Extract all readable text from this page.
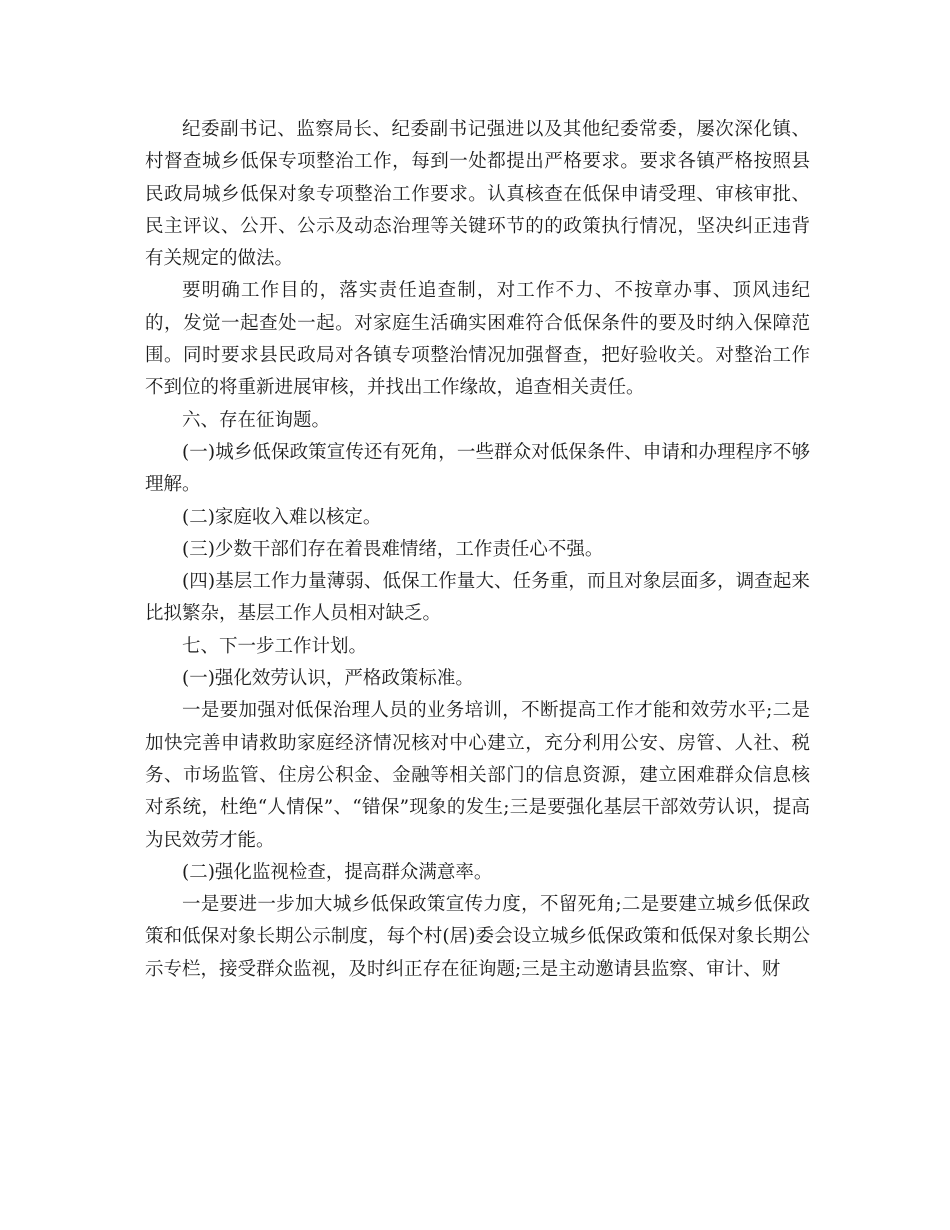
纪委副书记、监察局长、纪委副书记强进以及其他纪委常委，屡次深化镇、村督查城乡低保专项整治工作，每到一处都提出严格要求。要求各镇严格按照县民政局城乡低保对象专项整治工作要求。认真核查在低保申请受理、审核审批、民主评议、公开、公示及动态治理等关键环节的的政策执行情况，坚决纠正违背有关规定的做法。

要明确工作目的，落实责任追查制，对工作不力、不按章办事、顶风违纪的，发觉一起查处一起。对家庭生活确实困难符合低保条件的要及时纳入保障范围。同时要求县民政局对各镇专项整治情况加强督查，把好验收关。对整治工作不到位的将重新进展审核，并找出工作缘故，追查相关责任。

六、存在征询题。

(一)城乡低保政策宣传还有死角，一些群众对低保条件、申请和办理程序不够理解。

(二)家庭收入难以核定。

(三)少数干部们存在着畏难情绪，工作责任心不强。

(四)基层工作力量薄弱、低保工作量大、任务重，而且对象层面多，调查起来比拟繁杂，基层工作人员相对缺乏。

七、下一步工作计划。

(一)强化效劳认识，严格政策标准。

一是要加强对低保治理人员的业务培训，不断提高工作才能和效劳水平;二是加快完善申请救助家庭经济情况核对中心建立，充分利用公安、房管、人社、税务、市场监管、住房公积金、金融等相关部门的信息资源，建立困难群众信息核对系统，杜绝“人情保”、“错保”现象的发生;三是要强化基层干部效劳认识，提高为民效劳才能。

(二)强化监视检查，提高群众满意率。

一是要进一步加大城乡低保政策宣传力度，不留死角;二是要建立城乡低保政策和低保对象长期公示制度，每个村(居)委会设立城乡低保政策和低保对象长期公示专栏，接受群众监视，及时纠正存在征询题;三是主动邀请县监察、审计、财
